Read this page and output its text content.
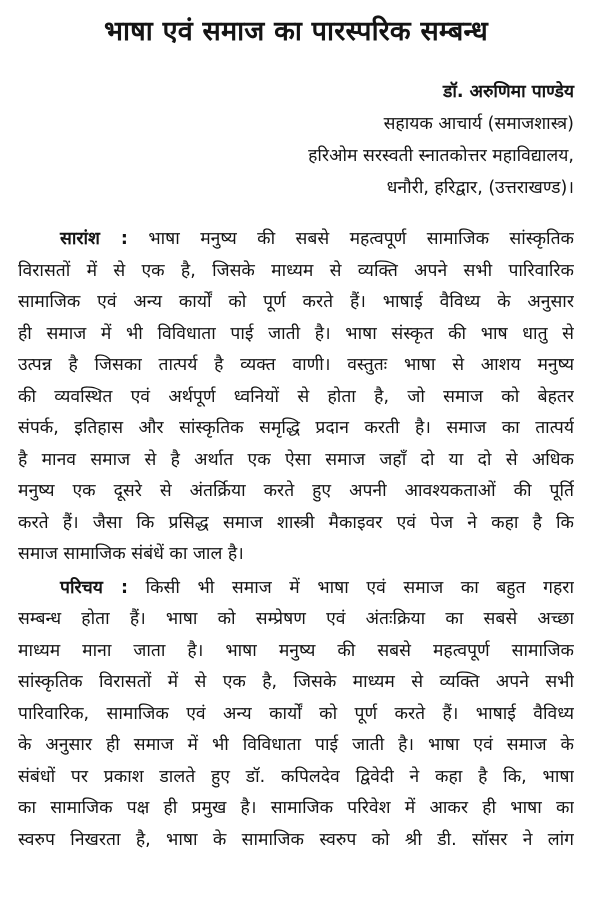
भाषा एवं समाज का पारस्परिक सम्बन्ध
डॉ. अरुणिमा पाण्डेय
सहायक आचार्य (समाजशास्त्र)
हरिओम सरस्वती स्नातकोत्तर महाविद्यालय,
धनौरी, हरिद्वार, (उत्तराखण्ड)।
सारांश : भाषा मनुष्य की सबसे महत्वपूर्ण सामाजिक सांस्कृतिक
विरासतों में से एक है, जिसके माध्यम से व्यक्ति अपने सभी पारिवारिक
सामाजिक एवं अन्य कार्यों को पूर्ण करते हैं। भाषाई वैविध्य के अनुसार
ही समाज में भी विविधाता पाई जाती है। भाषा संस्कृत की भाष धातु से
उत्पन्न है जिसका तात्पर्य है व्यक्त वाणी। वस्तुतः भाषा से आशय मनुष्य
की व्यवस्थित एवं अर्थपूर्ण ध्वनियों से होता है, जो समाज को बेहतर
संपर्क, इतिहास और सांस्कृतिक समृद्धि प्रदान करती है। समाज का तात्पर्य
है मानव समाज से है अर्थात एक ऐसा समाज जहाँ दो या दो से अधिक
मनुष्य एक दूसरे से अंतर्क्रिया करते हुए अपनी आवश्यकताओं की पूर्ति
करते हैं। जैसा कि प्रसिद्ध समाज शास्त्री मैकाइवर एवं पेज ने कहा है कि
समाज सामाजिक संबंधें का जाल है।
परिचय : किसी भी समाज में भाषा एवं समाज का बहुत गहरा
सम्बन्ध होता हैं। भाषा को सम्प्रेषण एवं अंतःक्रिया का सबसे अच्छा
माध्यम माना जाता है। भाषा मनुष्य की सबसे महत्वपूर्ण सामाजिक
सांस्कृतिक विरासतों में से एक है, जिसके माध्यम से व्यक्ति अपने सभी
पारिवारिक, सामाजिक एवं अन्य कार्यों को पूर्ण करते हैं। भाषाई वैविध्य
के अनुसार ही समाज में भी विविधाता पाई जाती है। भाषा एवं समाज के
संबंधों पर प्रकाश डालते हुए डॉ. कपिलदेव द्विवेदी ने कहा है कि, भाषा
का सामाजिक पक्ष ही प्रमुख है। सामाजिक परिवेश में आकर ही भाषा का
स्वरुप निखरता है, भाषा के सामाजिक स्वरुप को श्री डी. सॉसर ने लांग
